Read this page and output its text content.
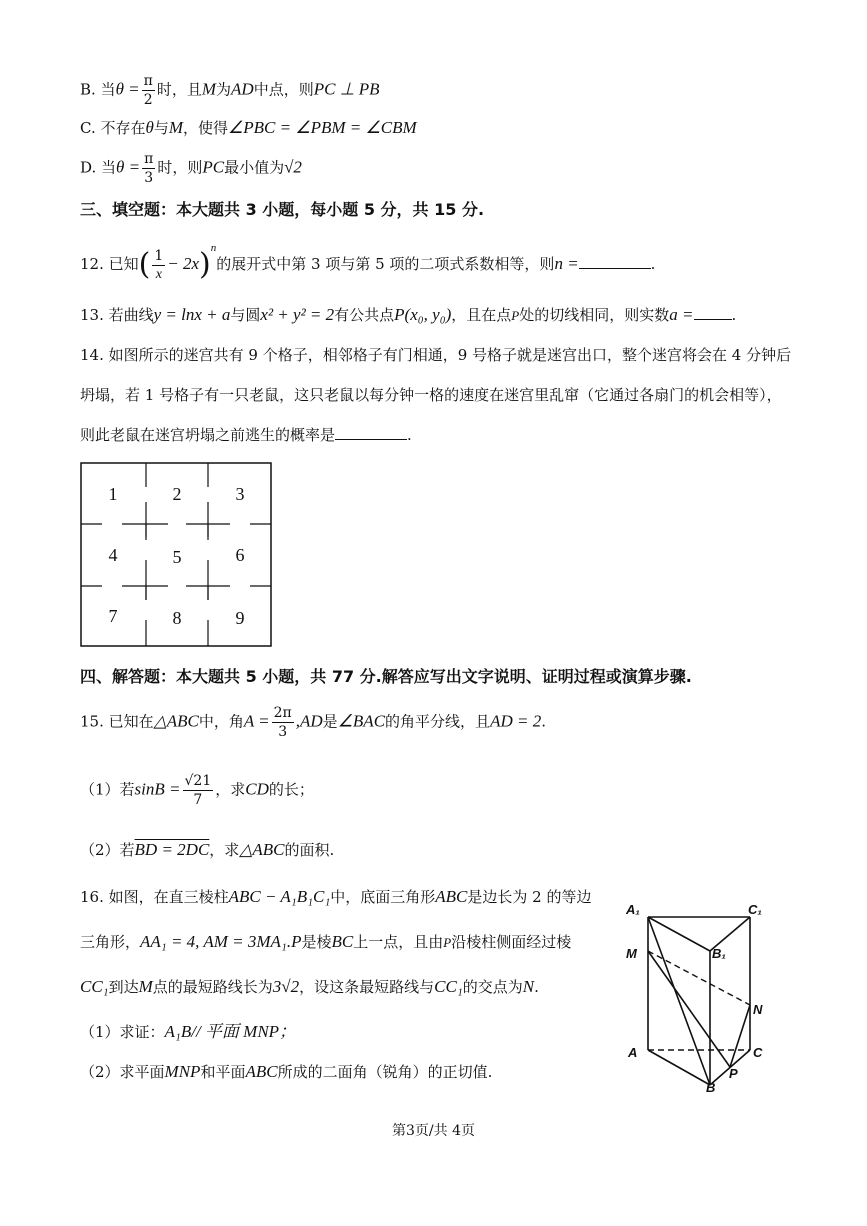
B. 当$\theta = \frac{\pi}{2}$ 时，且M为AD中点，则PC ⊥ PB
C. 不存在θ与M，使得∠PBC = ∠PBM = ∠CBM
D. 当$\theta = \frac{\pi}{3}$ 时，则PC最小值为√2
三、填空题：本大题共 3 小题，每小题 5 分，共 15 分.
12. 已知( $\frac{1}{x} - 2x)^n$的展开式中第 3 项与第 5 项的二项式系数相等，则n =	.
13. 若曲线y = lnx + a与圆x² + y² = 2有公共点P(x₀, y₀)，且在点P处的切线相同，则实数a =	.
14. 如图所示的迷宫共有 9 个格子，相邻格子有门相通，9 号格子就是迷宫出口，整个迷宫将会在 4 分钟后
坍塌，若 1 号格子有一只老鼠，这只老鼠以每分钟一格的速度在迷宫里乱窜（它通过各扇门的机会相等），
则此老鼠在迷宫坍塌之前逃生的概率是	.
1	2	3
4	5	6
7	8	9
四、解答题：本大题共 5 小题，共 77 分.解答应写出文字说明、证明过程或演算步骤.
15. 已知在△ABC中，角$A = \frac{2\pi}{3} ,AD$是∠BAC的角平分线，且AD = 2.
（1）若$\sin B = \frac{√21}{7}$ ，求CD的长；
（2）若BD = 2DC，求△ABC的面积.
16. 如图，在直三棱柱ABC − A₁B₁C₁中，底面三角形ABC是边长为 2 的等边
三角形，AA₁ = 4, AM = 3MA₁.P是棱BC上一点，且由P沿棱柱侧面经过棱
CC₁到达M点的最短路线长为3√2，设这条最短路线与CC₁的交点为N.
（1）求证：A₁B// 平面 MNP；
（2）求平面MNP和平面ABC所成的二面角（锐角）的正切值.
A₁	C₁
B₁
M
N
A	C
P
B
第3页/共 4页
